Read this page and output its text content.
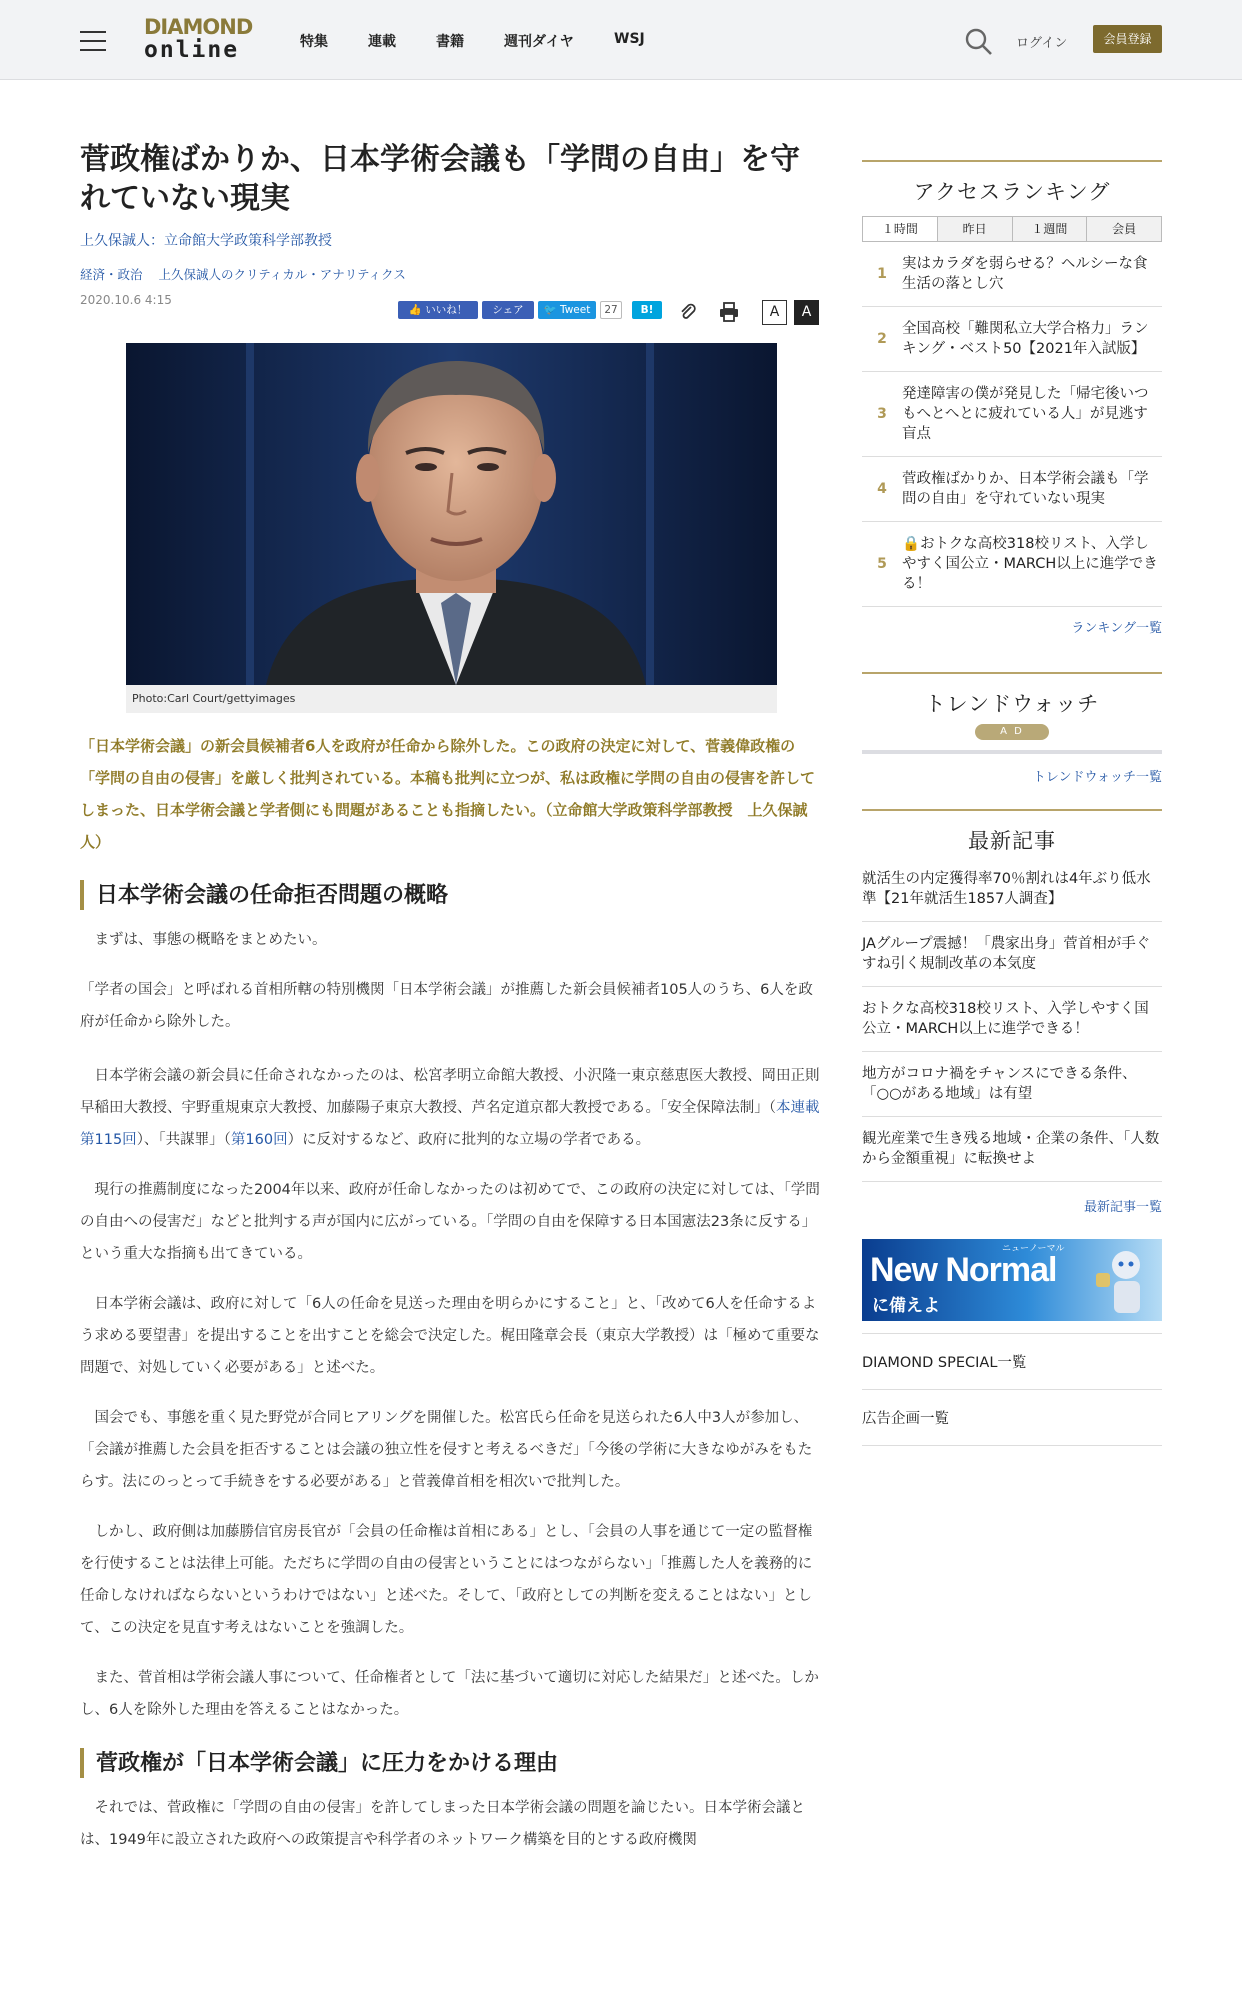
DIAMOND
online	特集	連載	書籍	週刊ダイヤ	WSJ	ログイン	会員登録
菅政権ばかりか、日本学術会議も「学問の自由」を守れていない現実
上久保誠人：立命館大学政策科学部教授
経済・政治 上久保誠人のクリティカル・アナリティクス
2020.10.6 4:15
👍 いいね！	シェア	🐦 Tweet	27	B!	A	A
Photo:Carl Court/gettyimages
「日本学術会議」の新会員候補者6人を政府が任命から除外した。この政府の決定に対して、菅義偉政権の「学問の自由の侵害」を厳しく批判されている。本稿も批判に立つが、私は政権に学問の自由の侵害を許してしまった、日本学術会議と学者側にも問題があることも指摘したい。（立命館大学政策科学部教授　上久保誠人）
日本学術会議の任命拒否問題の概略
　まずは、事態の概略をまとめたい。
「学者の国会」と呼ばれる首相所轄の特別機関「日本学術会議」が推薦した新会員候補者105人のうち、6人を政府が任命から除外した。
　日本学術会議の新会員に任命されなかったのは、松宮孝明立命館大教授、小沢隆一東京慈恵医大教授、岡田正則早稲田大教授、宇野重規東京大教授、加藤陽子東京大教授、芦名定道京都大教授である。「安全保障法制」（本連載第115回）、「共謀罪」（第160回）に反対するなど、政府に批判的な立場の学者である。
　現行の推薦制度になった2004年以来、政府が任命しなかったのは初めてで、この政府の決定に対しては、「学問の自由への侵害だ」などと批判する声が国内に広がっている。「学問の自由を保障する日本国憲法23条に反する」という重大な指摘も出てきている。
　日本学術会議は、政府に対して「6人の任命を見送った理由を明らかにすること」と、「改めて6人を任命するよう求める要望書」を提出することを出すことを総会で決定した。梶田隆章会長（東京大学教授）は「極めて重要な問題で、対処していく必要がある」と述べた。
　国会でも、事態を重く見た野党が合同ヒアリングを開催した。松宮氏ら任命を見送られた6人中3人が参加し、「会議が推薦した会員を拒否することは会議の独立性を侵すと考えるべきだ」「今後の学術に大きなゆがみをもたらす。法にのっとって手続きをする必要がある」と菅義偉首相を相次いで批判した。
　しかし、政府側は加藤勝信官房長官が「会員の任命権は首相にある」とし、「会員の人事を通じて一定の監督権を行使することは法律上可能。ただちに学問の自由の侵害ということにはつながらない」「推薦した人を義務的に任命しなければならないというわけではない」と述べた。そして、「政府としての判断を変えることはない」として、この決定を見直す考えはないことを強調した。
　また、菅首相は学術会議人事について、任命権者として「法に基づいて適切に対応した結果だ」と述べた。しかし、6人を除外した理由を答えることはなかった。
菅政権が「日本学術会議」に圧力をかける理由
　それでは、菅政権に「学問の自由の侵害」を許してしまった日本学術会議の問題を論じたい。日本学術会議とは、1949年に設立された政府への政策提言や科学者のネットワーク構築を目的とする政府機関
アクセスランキング
１時間	昨日	１週間	会員
1
実はカラダを弱らせる？ヘルシーな食生活の落とし穴
2
全国高校「難関私立大学合格力」ランキング・ベスト50【2021年入試版】
3
発達障害の僕が発見した「帰宅後いつもへとへとに疲れている人」が見逃す盲点
4
菅政権ばかりか、日本学術会議も「学問の自由」を守れていない現実
5
🔒おトクな高校318校リスト、入学しやすく国公立・MARCH以上に進学できる！
ランキング一覧
トレンドウォッチ
A D
トレンドウォッチ一覧
最新記事
就活生の内定獲得率70％割れは4年ぶり低水準【21年就活生1857人調査】
JAグループ震撼！「農家出身」菅首相が手ぐすね引く規制改革の本気度
おトクな高校318校リスト、入学しやすく国公立・MARCH以上に進学できる！
地方がコロナ禍をチャンスにできる条件、「○○がある地域」は有望
観光産業で生き残る地域・企業の条件、「人数から金額重視」に転換せよ
最新記事一覧
ニューノーマル
New Normal
に備えよ
DIAMOND SPECIAL一覧
広告企画一覧
